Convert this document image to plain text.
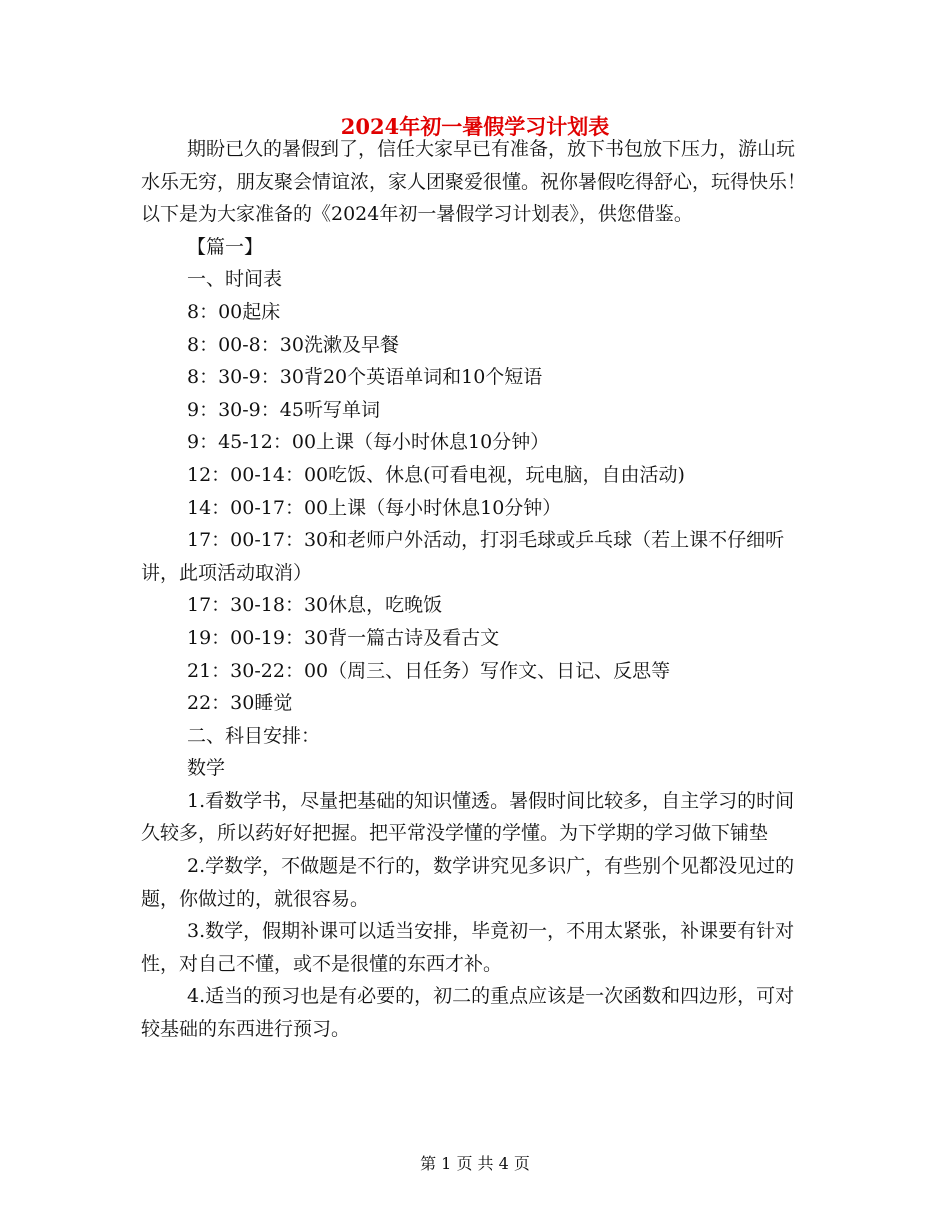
2024年初一暑假学习计划表

期盼已久的暑假到了，信任大家早已有准备，放下书包放下压力，游山玩水乐无穷，朋友聚会情谊浓，家人团聚爱很懂。祝你暑假吃得舒心，玩得快乐！以下是为大家准备的《2024年初一暑假学习计划表》，供您借鉴。

【篇一】

一、时间表

8：00起床

8：00-8：30洗漱及早餐

8：30-9：30背20个英语单词和10个短语

9：30-9：45听写单词

9：45-12：00上课（每小时休息10分钟）

12：00-14：00吃饭、休息(可看电视，玩电脑，自由活动)

14：00-17：00上课（每小时休息10分钟）

17：00-17：30和老师户外活动，打羽毛球或乒乓球（若上课不仔细听讲，此项活动取消）

17：30-18：30休息，吃晚饭

19：00-19：30背一篇古诗及看古文

21：30-22：00（周三、日任务）写作文、日记、反思等

22：30睡觉

二、科目安排：

数学

1.看数学书，尽量把基础的知识懂透。暑假时间比较多，自主学习的时间久较多，所以药好好把握。把平常没学懂的学懂。为下学期的学习做下铺垫

2.学数学，不做题是不行的，数学讲究见多识广，有些别个见都没见过的题，你做过的，就很容易。

3.数学，假期补课可以适当安排，毕竟初一，不用太紧张，补课要有针对性，对自己不懂，或不是很懂的东西才补。

4.适当的预习也是有必要的，初二的重点应该是一次函数和四边形，可对较基础的东西进行预习。

第 1 页 共 4 页
